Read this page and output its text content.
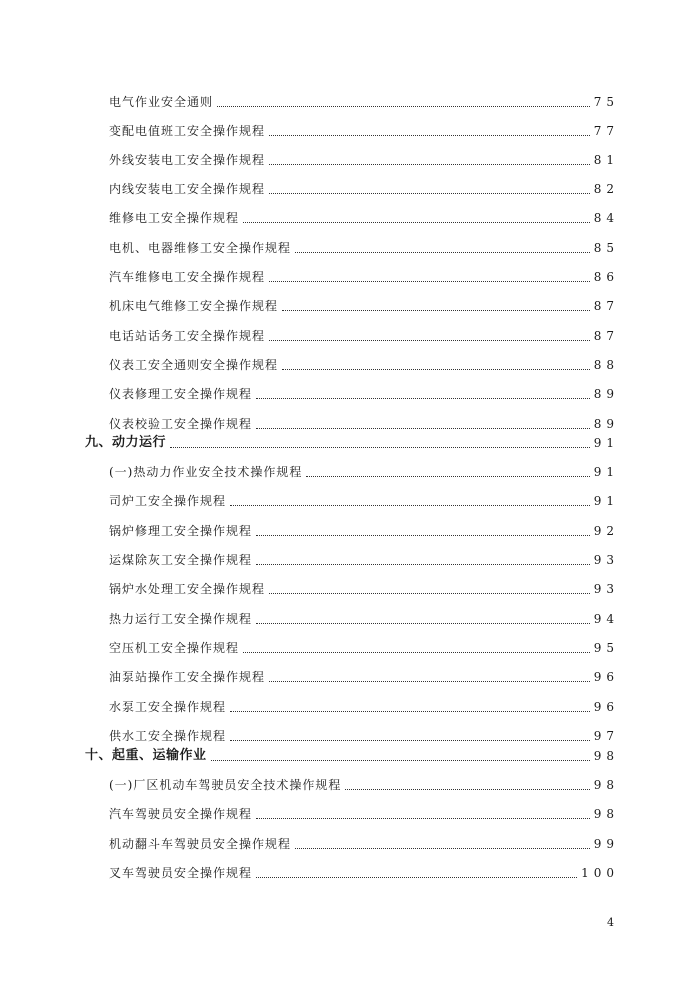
电气作业安全通则	75
变配电值班工安全操作规程	77
外线安装电工安全操作规程	81
内线安装电工安全操作规程	82
维修电工安全操作规程	84
电机、电器维修工安全操作规程	85
汽车维修电工安全操作规程	86
机床电气维修工安全操作规程	87
电话站话务工安全操作规程	87
仪表工安全通则安全操作规程	88
仪表修理工安全操作规程	89
仪表校验工安全操作规程	89
九、动力运行	91
(一)热动力作业安全技术操作规程	91
司炉工安全操作规程	91
锅炉修理工安全操作规程	92
运煤除灰工安全操作规程	93
锅炉水处理工安全操作规程	93
热力运行工安全操作规程	94
空压机工安全操作规程	95
油泵站操作工安全操作规程	96
水泵工安全操作规程	96
供水工安全操作规程	97
十、起重、运输作业	98
(一)厂区机动车驾驶员安全技术操作规程	98
汽车驾驶员安全操作规程	98
机动翻斗车驾驶员安全操作规程	99
叉车驾驶员安全操作规程	100
4
